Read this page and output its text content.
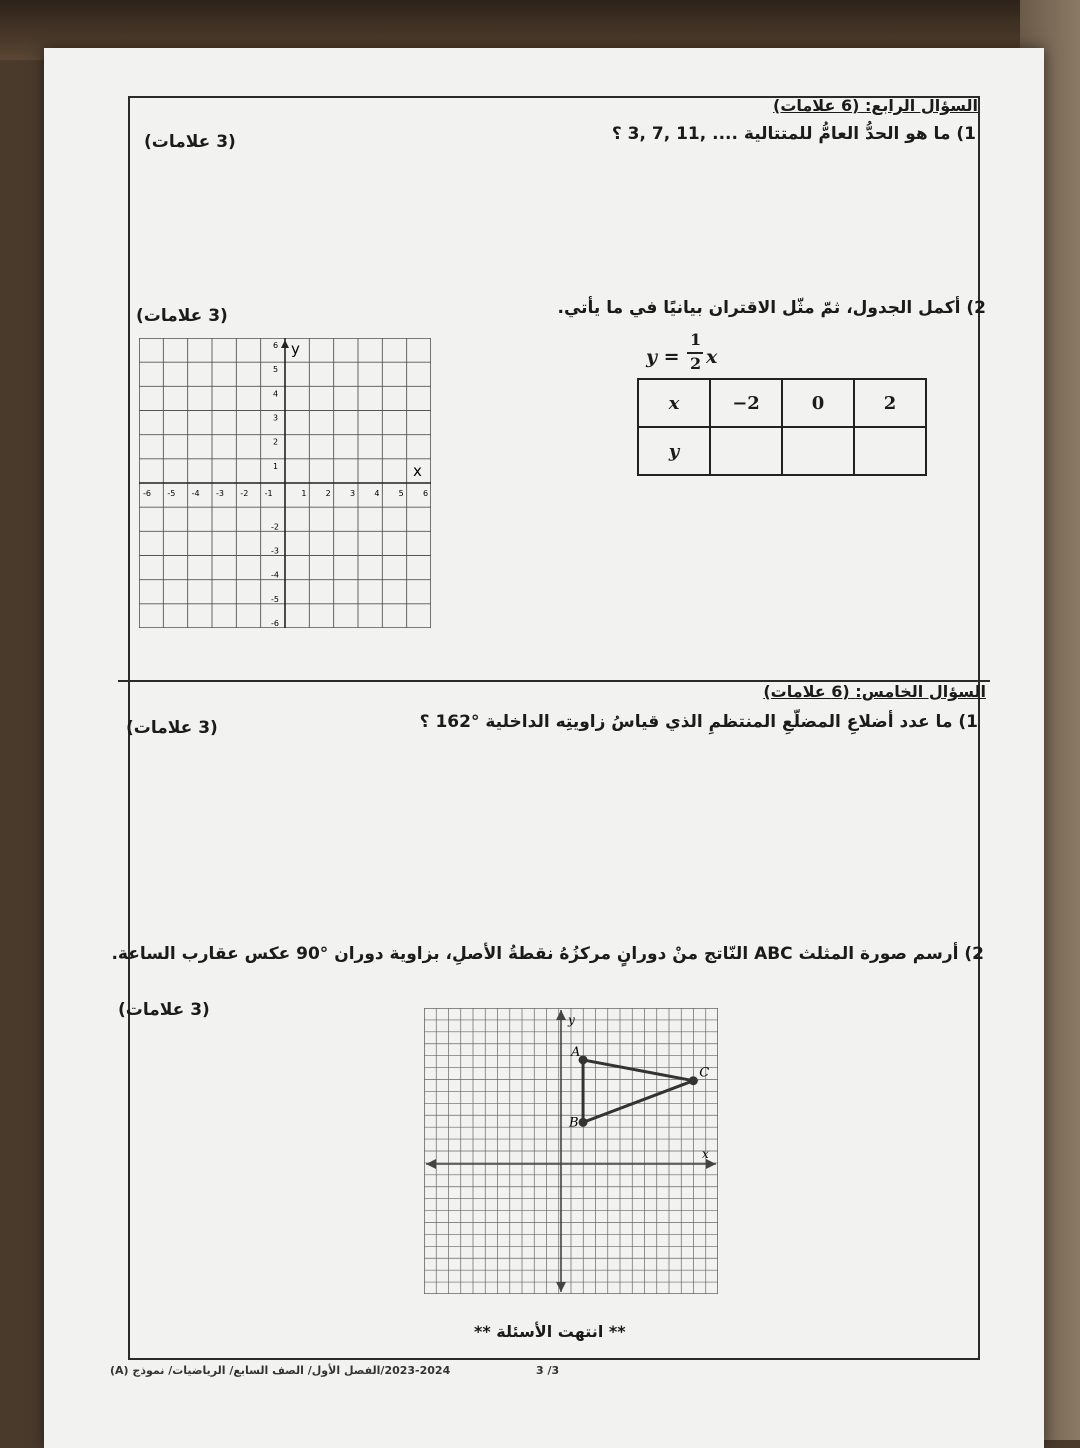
السؤال الرابع: (6 علامات)
1) ما هو الحدُّ العامُّ للمتتالية .... ,11 ,7 ,3 ؟
(3 علامات)
2) أكمل الجدول، ثمّ مثّل الاقتران بيانيًا في ما يأتي.
(3 علامات)
y =
1
2 x
x	−2	0	2
y			
x
y
-6 -5 -4 -3 -2 -1	1 2 3 4 5 6
6
5
4
3
2
1
-2
-3
-4
-5
-6
السؤال الخامس: (6 علامات)
1) ما عدد أضلاعِ المضلّعِ المنتظمِ الذي قياسُ زاويتِه الداخلية °162 ؟
(3 علامات)
2) أرسم صورة المثلث ABC النّاتج منْ دورانٍ مركزُهُ نقطةُ الأصلِ، بزاوية دوران °90 عكس عقارب الساعة.
(3 علامات)
x
y
A
B
C
** انتهت الأسئلة **
2023-2024/الفصل الأول/ الصف السابع/ الرياضيات/ نموذج (A)	3 /3
